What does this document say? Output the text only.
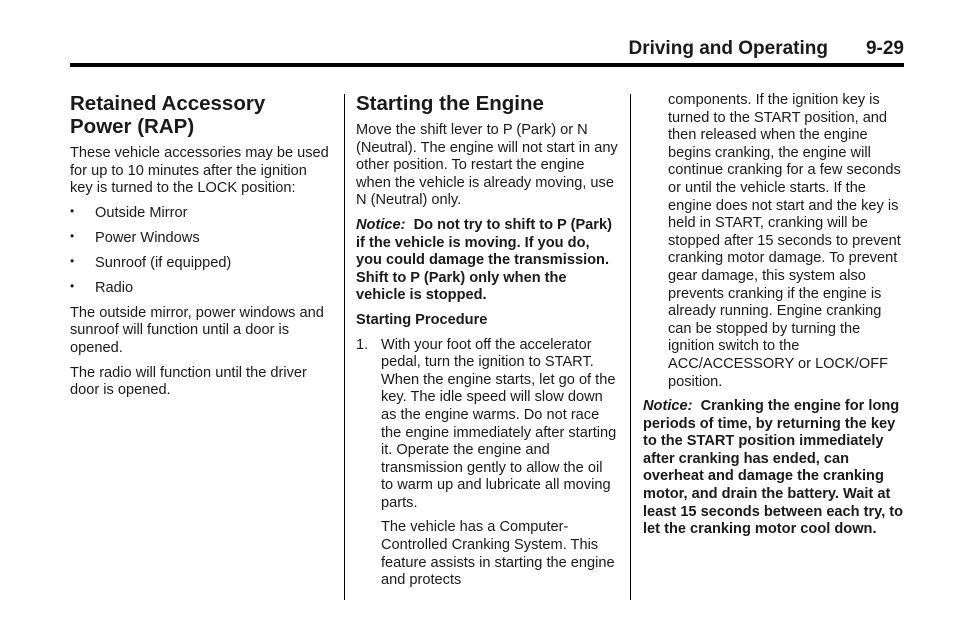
Driving and Operating 9-29
Retained Accessory Power (RAP)

These vehicle accessories may be used for up to 10 minutes after the ignition key is turned to the LOCK position:

• Outside Mirror
• Power Windows
• Sunroof (if equipped)
• Radio

The outside mirror, power windows and sunroof will function until a door is opened.

The radio will function until the driver door is opened.

Starting the Engine

Move the shift lever to P (Park) or N (Neutral). The engine will not start in any other position. To restart the engine when the vehicle is already moving, use N (Neutral) only.

Notice: Do not try to shift to P (Park) if the vehicle is moving. If you do, you could damage the transmission. Shift to P (Park) only when the vehicle is stopped.

Starting Procedure

1. With your foot off the accelerator pedal, turn the ignition to START. When the engine starts, let go of the key. The idle speed will slow down as the engine warms. Do not race the engine immediately after starting it. Operate the engine and transmission gently to allow the oil to warm up and lubricate all moving parts.

The vehicle has a Computer-Controlled Cranking System. This feature assists in starting the engine and protects

components. If the ignition key is turned to the START position, and then released when the engine begins cranking, the engine will continue cranking for a few seconds or until the vehicle starts. If the engine does not start and the key is held in START, cranking will be stopped after 15 seconds to prevent cranking motor damage. To prevent gear damage, this system also prevents cranking if the engine is already running. Engine cranking can be stopped by turning the ignition switch to the ACC/ACCESSORY or LOCK/OFF position.

Notice: Cranking the engine for long periods of time, by returning the key to the START position immediately after cranking has ended, can overheat and damage the cranking motor, and drain the battery. Wait at least 15 seconds between each try, to let the cranking motor cool down.
